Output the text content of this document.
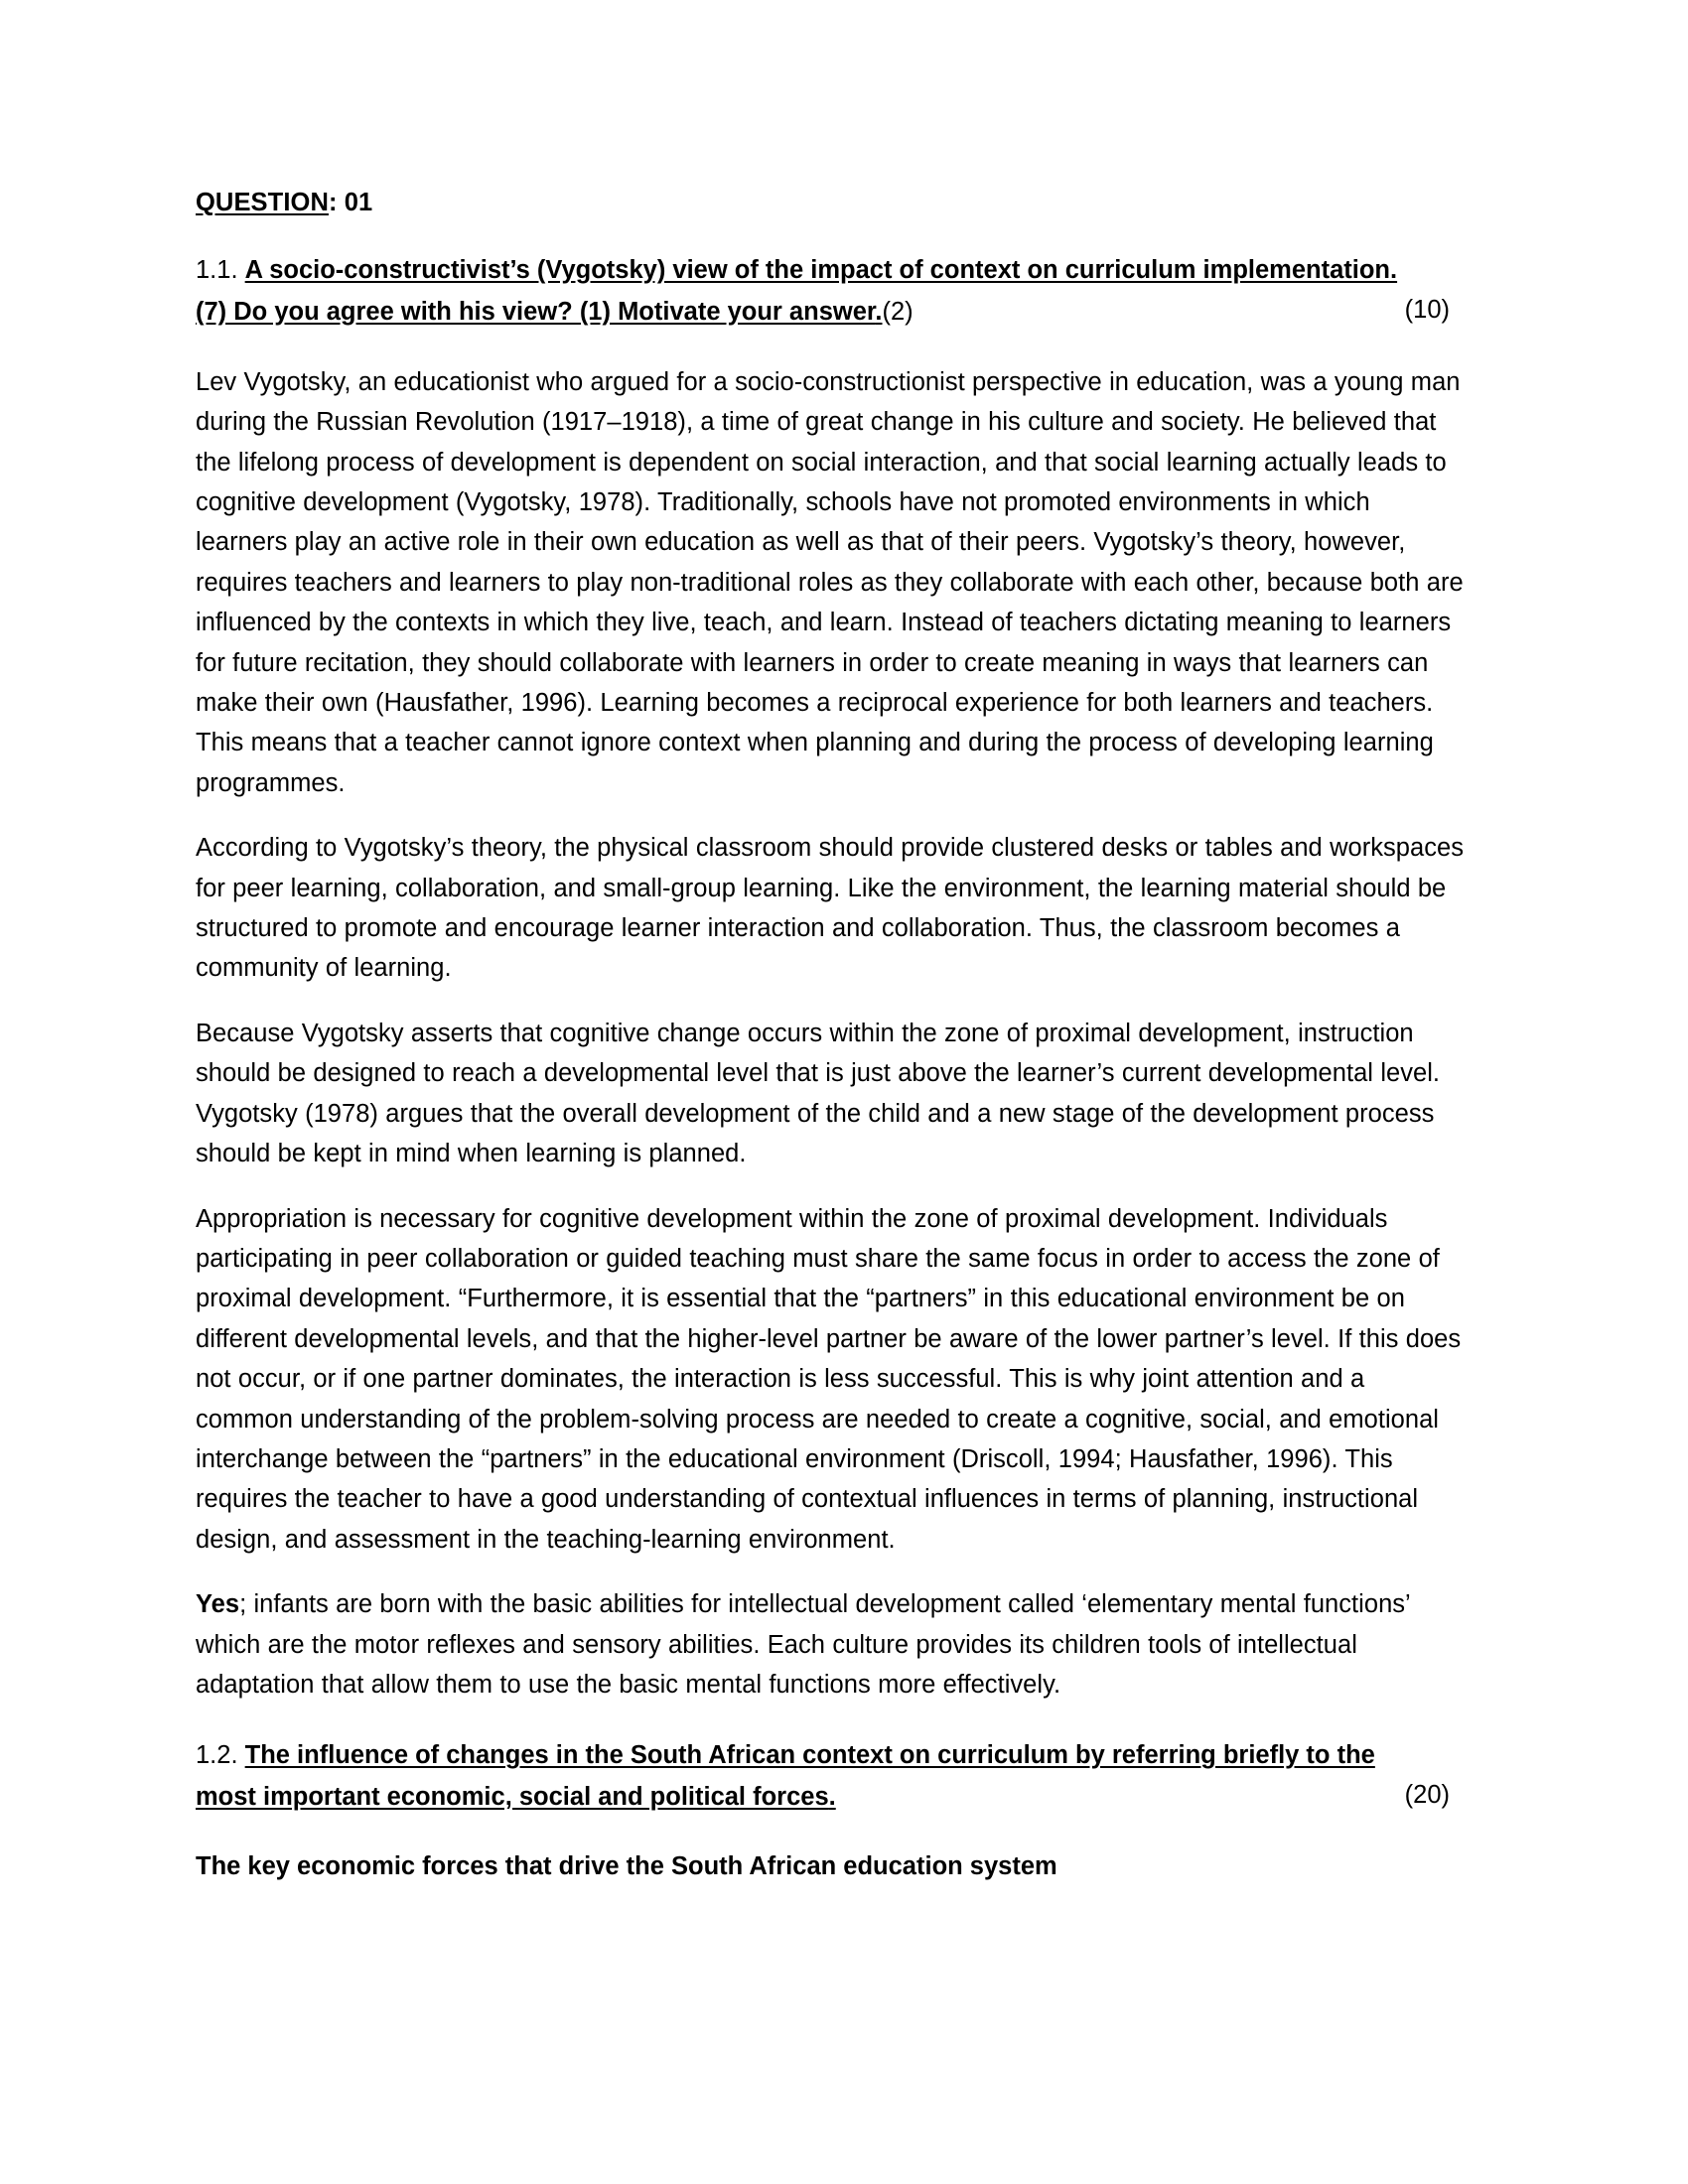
QUESTION: 01
1.1. A socio-constructivist’s (Vygotsky) view of the impact of context on curriculum implementation.
(7) Do you agree with his view? (1) Motivate your answer.(2)	(10)

Lev Vygotsky, an educationist who argued for a socio-constructionist perspective in education, was a young man during the Russian Revolution (1917–1918), a time of great change in his culture and society. He believed that the lifelong process of development is dependent on social interaction, and that social learning actually leads to cognitive development (Vygotsky, 1978). Traditionally, schools have not promoted environments in which learners play an active role in their own education as well as that of their peers. Vygotsky’s theory, however, requires teachers and learners to play non-traditional roles as they collaborate with each other, because both are influenced by the contexts in which they live, teach, and learn. Instead of teachers dictating meaning to learners for future recitation, they should collaborate with learners in order to create meaning in ways that learners can make their own (Hausfather, 1996). Learning becomes a reciprocal experience for both learners and teachers. This means that a teacher cannot ignore context when planning and during the process of developing learning programmes.

According to Vygotsky’s theory, the physical classroom should provide clustered desks or tables and workspaces for peer learning, collaboration, and small-group learning. Like the environment, the learning material should be structured to promote and encourage learner interaction and collaboration. Thus, the classroom becomes a community of learning.

Because Vygotsky asserts that cognitive change occurs within the zone of proximal development, instruction should be designed to reach a developmental level that is just above the learner’s current developmental level. Vygotsky (1978) argues that the overall development of the child and a new stage of the development process should be kept in mind when learning is planned.

Appropriation is necessary for cognitive development within the zone of proximal development. Individuals participating in peer collaboration or guided teaching must share the same focus in order to access the zone of proximal development. “Furthermore, it is essential that the “partners” in this educational environment be on different developmental levels, and that the higher-level partner be aware of the lower partner’s level. If this does not occur, or if one partner dominates, the interaction is less successful. This is why joint attention and a common understanding of the problem-solving process are needed to create a cognitive, social, and emotional interchange between the “partners” in the educational environment (Driscoll, 1994; Hausfather, 1996). This requires the teacher to have a good understanding of contextual influences in terms of planning, instructional design, and assessment in the teaching-learning environment.

Yes; infants are born with the basic abilities for intellectual development called ‘elementary mental functions’ which are the motor reflexes and sensory abilities. Each culture provides its children tools of intellectual adaptation that allow them to use the basic mental functions more effectively.

1.2. The influence of changes in the South African context on curriculum by referring briefly to the
most important economic, social and political forces.	(20)
The key economic forces that drive the South African education system
